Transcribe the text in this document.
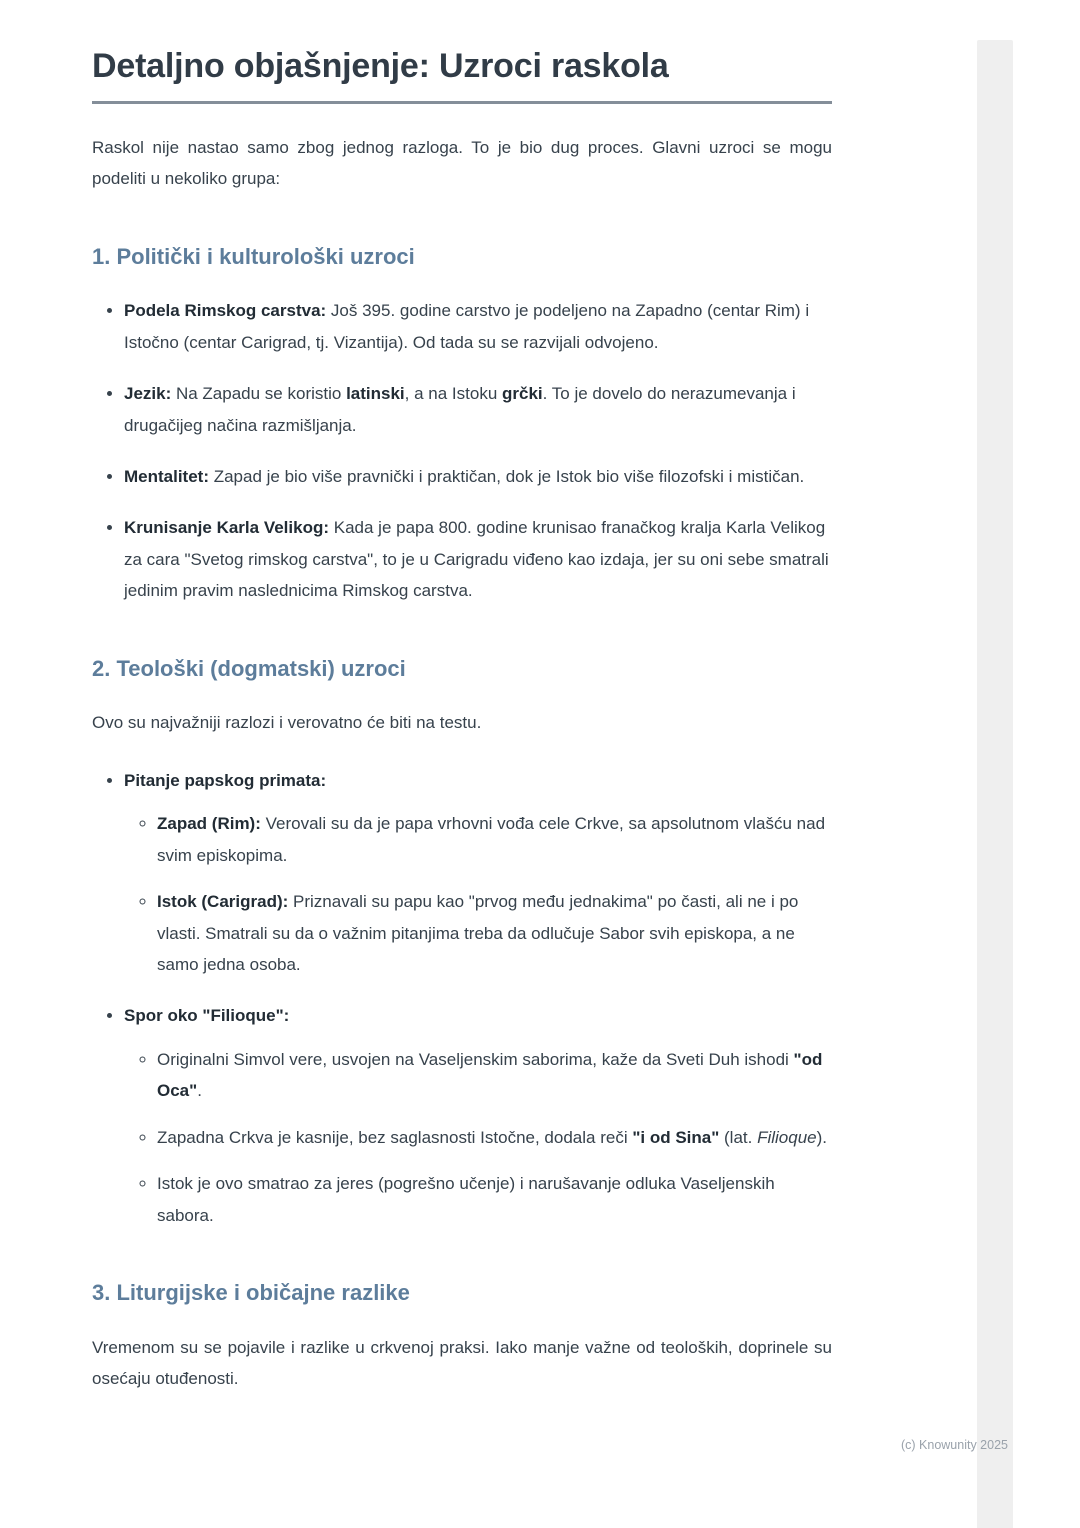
Detaljno objašnjenje: Uzroci raskola

Raskol nije nastao samo zbog jednog razloga. To je bio dug proces. Glavni uzroci se mogu podeliti u nekoliko grupa:

1. Politički i kulturološki uzroci
• Podela Rimskog carstva: Još 395. godine carstvo je podeljeno na Zapadno (centar Rim) i Istočno (centar Carigrad, tj. Vizantija). Od tada su se razvijali odvojeno.
• Jezik: Na Zapadu se koristio latinski, a na Istoku grčki. To je dovelo do nerazumevanja i drugačijeg načina razmišljanja.
• Mentalitet: Zapad je bio više pravnički i praktičan, dok je Istok bio više filozofski i mističan.
• Krunisanje Karla Velikog: Kada je papa 800. godine krunisao franačkog kralja Karla Velikog za cara "Svetog rimskog carstva", to je u Carigradu viđeno kao izdaja, jer su oni sebe smatrali jedinim pravim naslednicima Rimskog carstva.
2. Teološki (dogmatski) uzroci

Ovo su najvažniji razlozi i verovatno će biti na testu.

• Pitanje papskog primata:
◦ Zapad (Rim): Verovali su da je papa vrhovni vođa cele Crkve, sa apsolutnom vlašću nad svim episkopima.
◦ Istok (Carigrad): Priznavali su papu kao "prvog među jednakima" po časti, ali ne i po vlasti. Smatrali su da o važnim pitanjima treba da odlučuje Sabor svih episkopa, a ne samo jedna osoba.
• Spor oko "Filioque":
◦ Originalni Simvol vere, usvojen na Vaseljenskim saborima, kaže da Sveti Duh ishodi "od Oca".
◦ Zapadna Crkva je kasnije, bez saglasnosti Istočne, dodala reči "i od Sina" (lat. Filioque).
◦ Istok je ovo smatrao za jeres (pogrešno učenje) i narušavanje odluka Vaseljenskih sabora.
3. Liturgijske i običajne razlike

Vremenom su se pojavile i razlike u crkvenoj praksi. Iako manje važne od teoloških, doprinele su osećaju otuđenosti.

(c) Knowunity 2025
